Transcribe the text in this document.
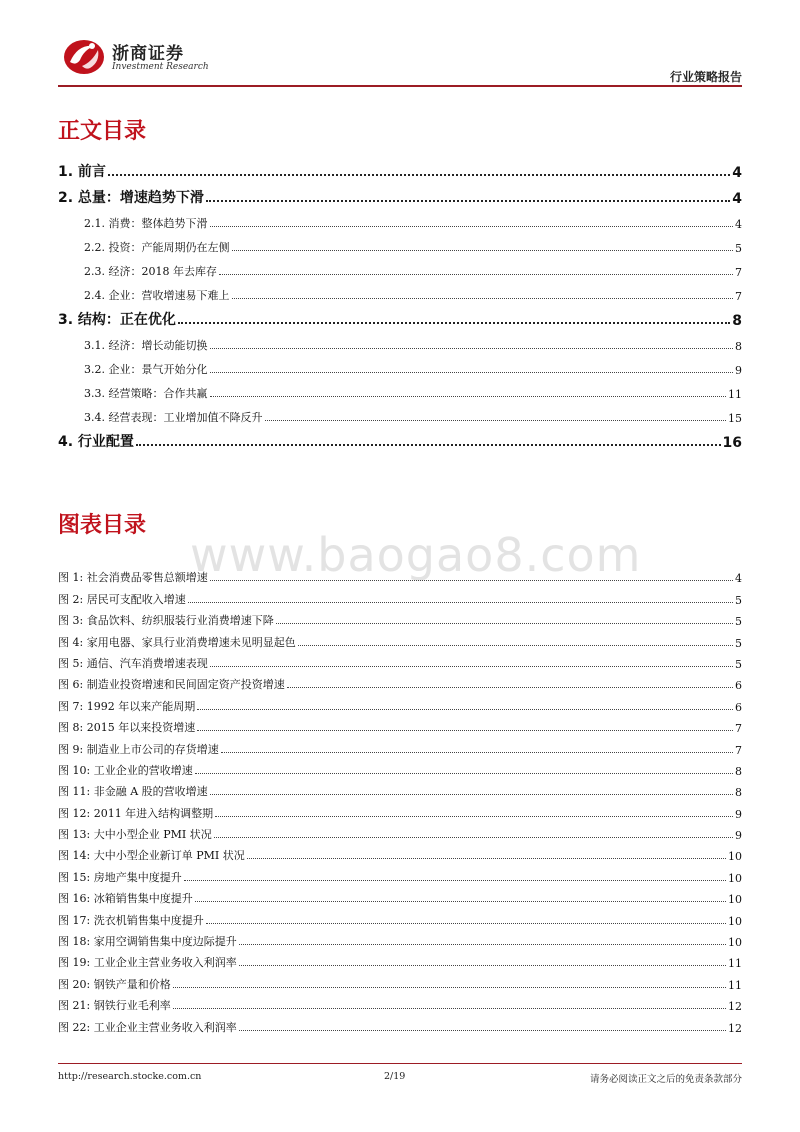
浙商证券
Investment Research
行业策略报告
正文目录
1. 前言	4
2. 总量：增速趋势下滑	4
2.1. 消费：整体趋势下滑	4
2.2. 投资：产能周期仍在左侧	5
2.3. 经济：2018 年去库存	7
2.4. 企业：营收增速易下难上	7
3. 结构：正在优化	8
3.1. 经济：增长动能切换	8
3.2. 企业：景气开始分化	9
3.3. 经营策略：合作共赢	11
3.4. 经营表现：工业增加值不降反升	15
4. 行业配置	16
www.baogao8.com
图表目录
图 1: 社会消费品零售总额增速	4
图 2: 居民可支配收入增速	5
图 3: 食品饮料、纺织服装行业消费增速下降	5
图 4: 家用电器、家具行业消费增速未见明显起色	5
图 5: 通信、汽车消费增速表现	5
图 6: 制造业投资增速和民间固定资产投资增速	6
图 7: 1992 年以来产能周期	6
图 8: 2015 年以来投资增速	7
图 9: 制造业上市公司的存货增速	7
图 10: 工业企业的营收增速	8
图 11: 非金融 A 股的营收增速	8
图 12: 2011 年进入结构调整期	9
图 13: 大中小型企业 PMI 状况	9
图 14: 大中小型企业新订单 PMI 状况	10
图 15: 房地产集中度提升	10
图 16: 冰箱销售集中度提升	10
图 17: 洗衣机销售集中度提升	10
图 18: 家用空调销售集中度边际提升	10
图 19: 工业企业主营业务收入利润率	11
图 20: 钢铁产量和价格	11
图 21: 钢铁行业毛利率	12
图 22: 工业企业主营业务收入利润率	12
http://research.stocke.com.cn	2/19	请务必阅读正文之后的免责条款部分
